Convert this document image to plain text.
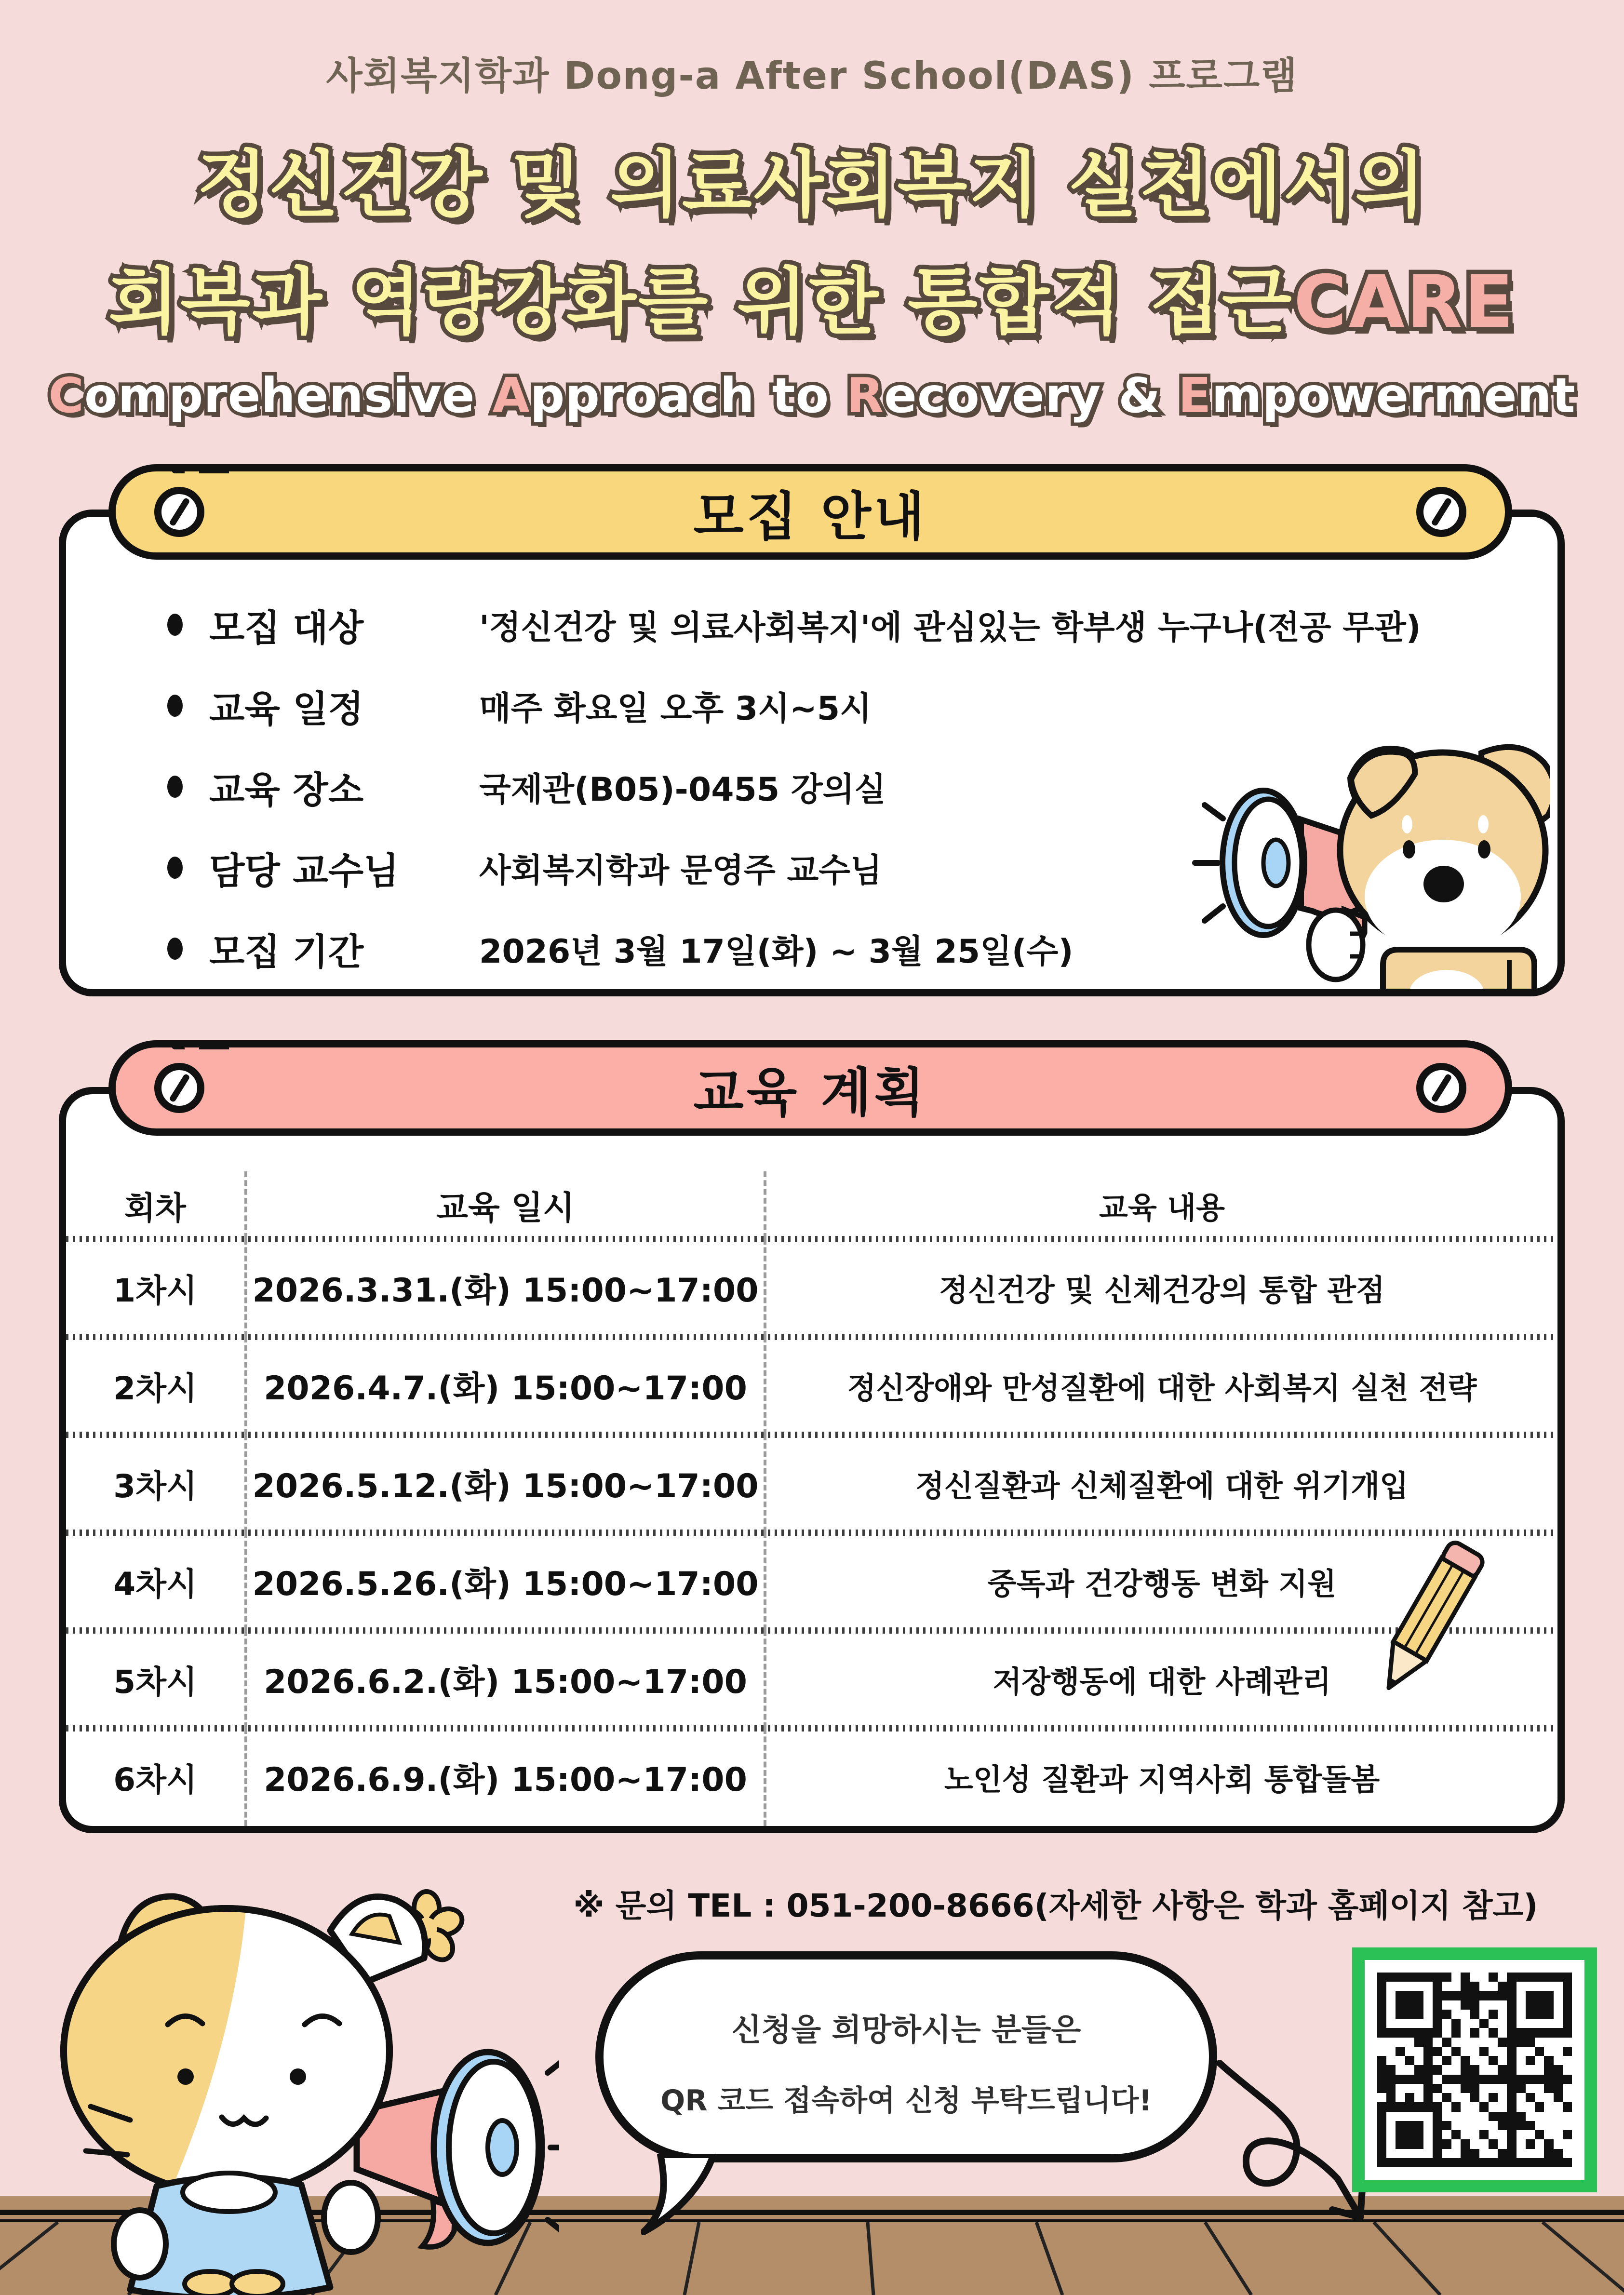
사회복지학과 Dong-a After School(DAS) 프로그램
정신건강 및 의료사회복지 실천에서의 정신건강 및 의료사회복지 실천에서의
회복과 역량강화를 위한 통합적 접근 회복과 역량강화를 위한 통합적 접근CARE CARE
C Comprehensive omprehensive A Approach to pproach to R Recovery & ecovery & E Empowerment mpowerment
모집 안내
모집 대상	'정신건강 및 의료사회복지'에 관심있는 학부생 누구나(전공 무관)
교육 일정	매주 화요일 오후 3시~5시
교육 장소	국제관(B05)-0455 강의실
담당 교수님	사회복지학과 문영주 교수님
모집 기간	2026년 3월 17일(화) ~ 3월 25일(수)
교육 계획
회차	교육 일시	교육 내용
1차시	2026.3.31.(화) 15:00~17:00	정신건강 및 신체건강의 통합 관점
2차시	2026.4.7.(화) 15:00~17:00	정신장애와 만성질환에 대한 사회복지 실천 전략
3차시	2026.5.12.(화) 15:00~17:00	정신질환과 신체질환에 대한 위기개입
4차시	2026.5.26.(화) 15:00~17:00	중독과 건강행동 변화 지원
5차시	2026.6.2.(화) 15:00~17:00	저장행동에 대한 사례관리
6차시	2026.6.9.(화) 15:00~17:00	노인성 질환과 지역사회 통합돌봄
※ 문의 TEL : 051-200-8666(자세한 사항은 학과 홈페이지 참고)
신청을 희망하시는 분들은
QR 코드 접속하여 신청 부탁드립니다!
